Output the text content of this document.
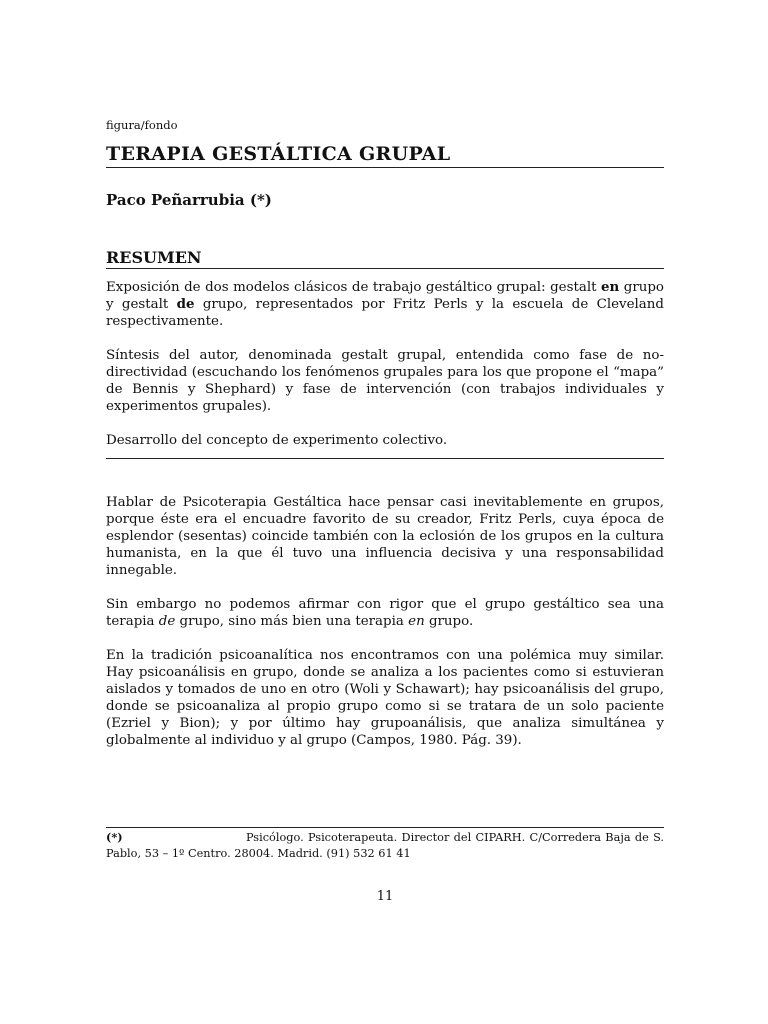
figura/fondo
TERAPIA GESTÁLTICA GRUPAL

Paco Peñarrubia (*)

RESUMEN

Exposición de dos modelos clásicos de trabajo gestáltico grupal: gestalt en grupo y gestalt de grupo, representados por Fritz Perls y la escuela de Cleveland respectivamente.

Síntesis del autor, denominada gestalt grupal, entendida como fase de no-directividad (escuchando los fenómenos grupales para los que propone el “mapa” de Bennis y Shephard) y fase de intervención (con trabajos individuales y experimentos grupales).

Desarrollo del concepto de experimento colectivo.

Hablar de Psicoterapia Gestáltica hace pensar casi inevitablemente en grupos, porque éste era el encuadre favorito de su creador, Fritz Perls, cuya época de esplendor (sesentas) coincide también con la eclosión de los grupos en la cultura humanista, en la que él tuvo una influencia decisiva y una responsabilidad innegable.

Sin embargo no podemos afirmar con rigor que el grupo gestáltico sea una terapia de grupo, sino más bien una terapia en grupo.

En la tradición psicoanalítica nos encontramos con una polémica muy similar. Hay psicoanálisis en grupo, donde se analiza a los pacientes como si estuvieran aislados y tomados de uno en otro (Woli y Schawart); hay psicoanálisis del grupo, donde se psicoanaliza al propio grupo como si se tratara de un solo paciente (Ezriel y Bion); y por último hay grupoanálisis, que analiza simultánea y globalmente al individuo y al grupo (Campos, 1980. Pág. 39).

(*)	Psicólogo. Psicoterapeuta. Director del CIPARH. C/Corredera Baja de S. Pablo, 53 – 1º Centro. 28004. Madrid. (91) 532 61 41
11
